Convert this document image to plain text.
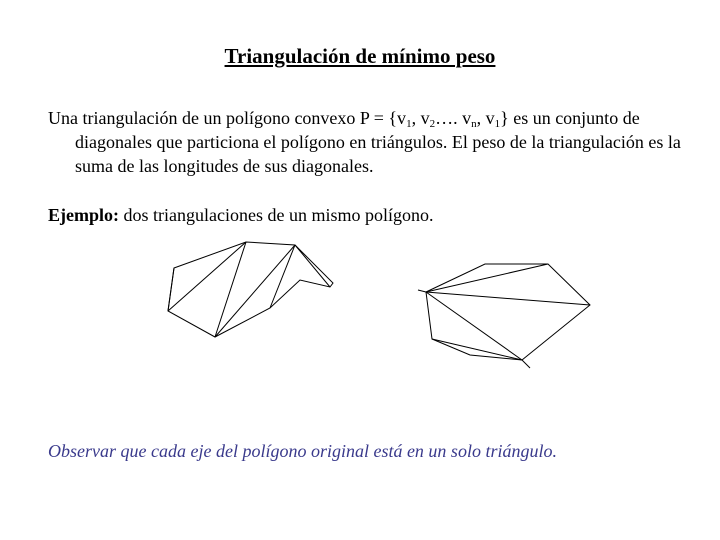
Triangulación de mínimo peso

Una triangulación de un polígono convexo $P = \{v_1$, $v_2\dots$. $v_n$, $v_1$} es un conjunto de diagonales que particiona el polígono en triángulos. El peso de la triangulación es la suma de las longitudes de sus diagonales.

Ejemplo: dos triangulaciones de un mismo polígono.

Observar que cada eje del polígono original está en un solo triángulo.
